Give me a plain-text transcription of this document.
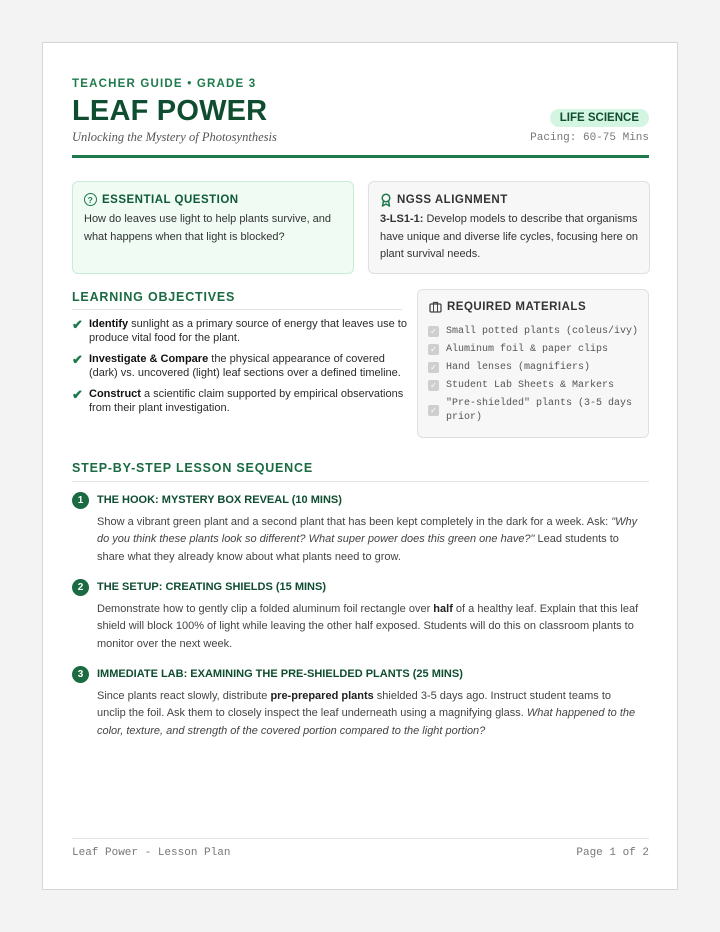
TEACHER GUIDE • GRADE 3
LEAF POWER
Unlocking the Mystery of Photosynthesis
LIFE SCIENCE
Pacing: 60-75 Mins
? ESSENTIAL QUESTION
How do leaves use light to help plants survive, and what happens when that light is blocked?
NGSS ALIGNMENT
3-LS1-1: Develop models to describe that organisms have unique and diverse life cycles, focusing here on plant survival needs.
LEARNING OBJECTIVES
✔ Identify sunlight as a primary source of energy that leaves use to produce vital food for the plant.
✔ Investigate & Compare the physical appearance of covered (dark) vs. uncovered (light) leaf sections over a defined timeline.
✔ Construct a scientific claim supported by empirical observations from their plant investigation.
REQUIRED MATERIALS
✓ Small potted plants (coleus/ivy)
✓ Aluminum foil & paper clips
✓ Hand lenses (magnifiers)
✓ Student Lab Sheets & Markers
✓
"Pre-shielded" plants (3-5 days prior)
STEP-BY-STEP LESSON SEQUENCE
1	THE HOOK: MYSTERY BOX REVEAL (10 MINS)
Show a vibrant green plant and a second plant that has been kept completely in the dark for a week. Ask: "Why do you think these plants look so different? What super power does this green one have?" Lead students to share what they already know about what plants need to grow.
2	THE SETUP: CREATING SHIELDS (15 MINS)
Demonstrate how to gently clip a folded aluminum foil rectangle over half of a healthy leaf. Explain that this leaf shield will block 100% of light while leaving the other half exposed. Students will do this on classroom plants to monitor over the next week.
3	IMMEDIATE LAB: EXAMINING THE PRE-SHIELDED PLANTS (25 MINS)
Since plants react slowly, distribute pre-prepared plants shielded 3-5 days ago. Instruct student teams to unclip the foil. Ask them to closely inspect the leaf underneath using a magnifying glass. What happened to the color, texture, and strength of the covered portion compared to the light portion?
Leaf Power - Lesson Plan	Page 1 of 2
